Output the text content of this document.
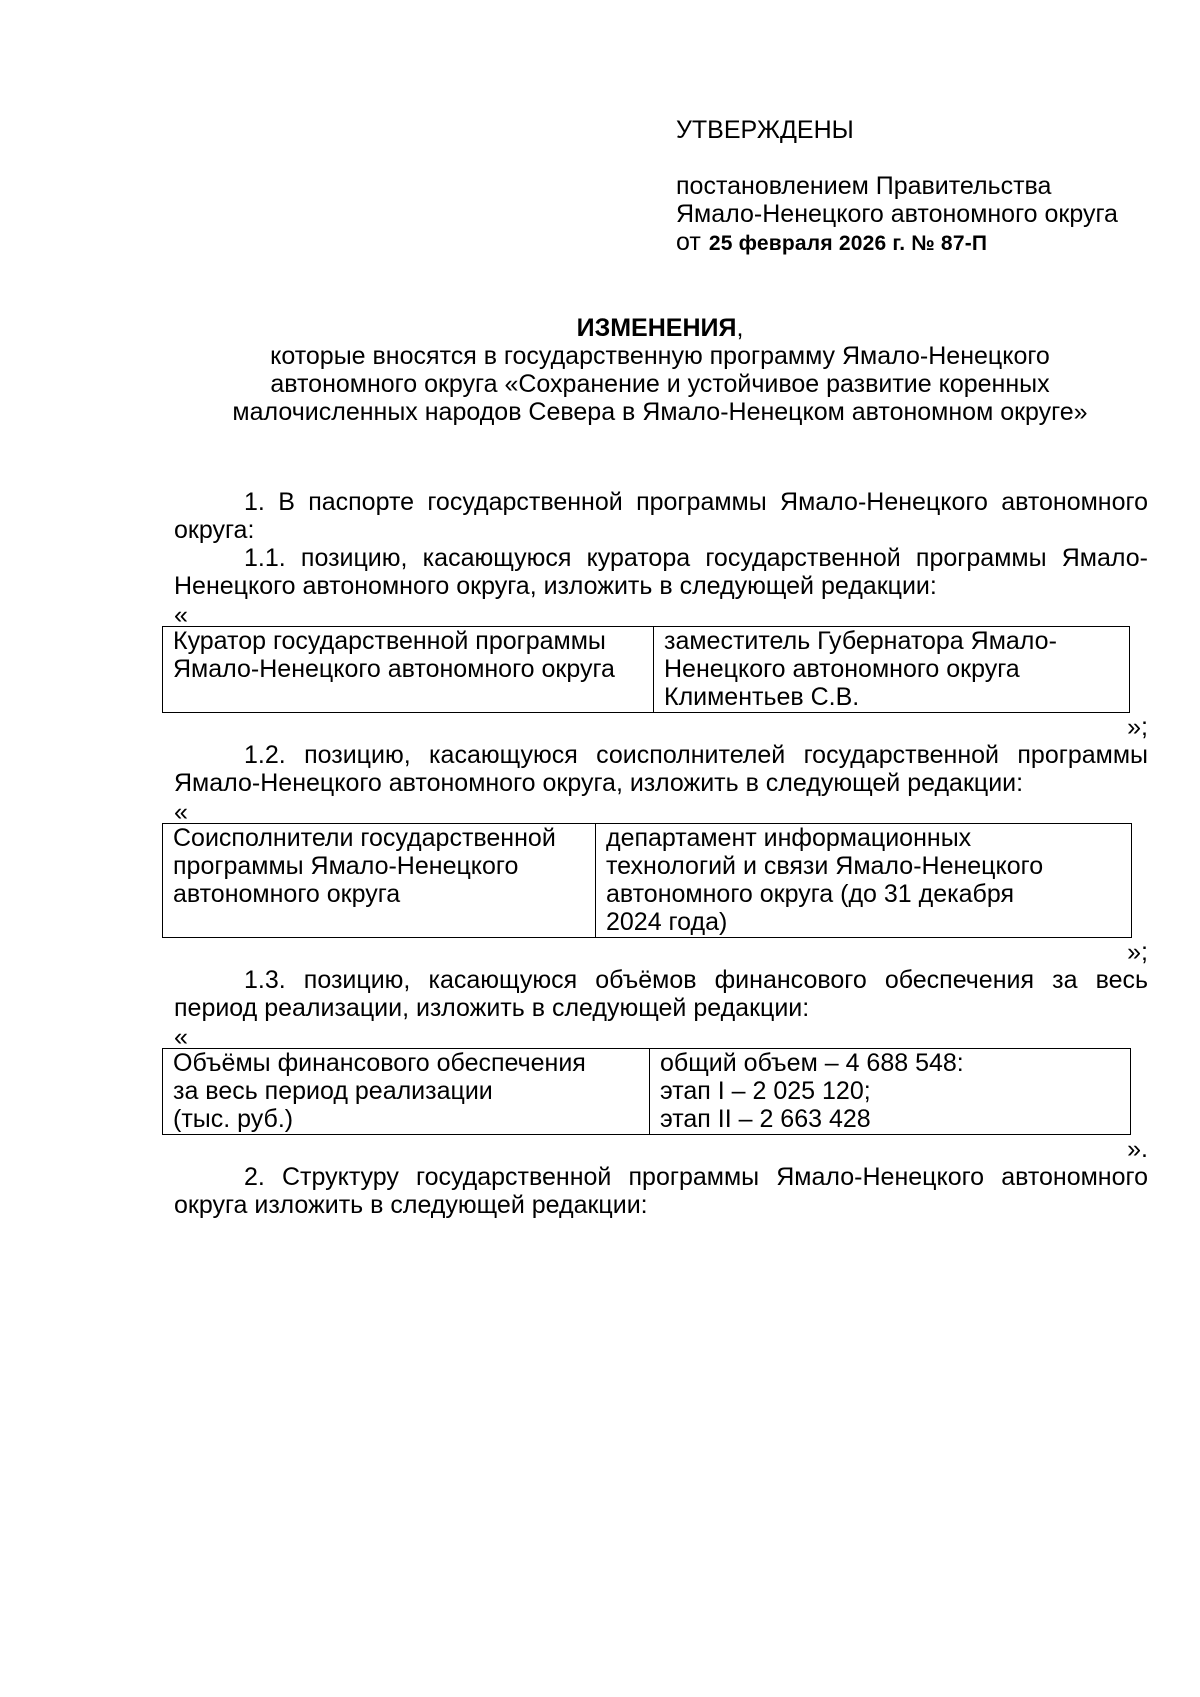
УТВЕРЖДЕНЫ
постановлением Правительства
Ямало-Ненецкого автономного округа
от 25 февраля 2026 г. № 87-П
ИЗМЕНЕНИЯ,
которые вносятся в государственную программу Ямало-Ненецкого
автономного округа «Сохранение и устойчивое развитие коренных
малочисленных народов Севера в Ямало-Ненецком автономном округе»

1. В паспорте государственной программы Ямало-Ненецкого автономного округа:

1.1. позицию, касающуюся куратора государственной программы Ямало-Ненецкого автономного округа, изложить в следующей редакции:

«
Куратор государственной программы
Ямало-Ненецкого автономного округа

заместитель Губернатора Ямало-
Ненецкого автономного округа
Климентьев С.В.
»;

1.2. позицию, касающуюся соисполнителей государственной программы Ямало-Ненецкого автономного округа, изложить в следующей редакции:

«
Соисполнители государственной
программы Ямало-Ненецкого
автономного округа

департамент информационных
технологий и связи Ямало-Ненецкого
автономного округа (до 31 декабря
2024 года)
»;

1.3. позицию, касающуюся объёмов финансового обеспечения за весь период реализации, изложить в следующей редакции:

«
Объёмы финансового обеспечения
за весь период реализации
(тыс. руб.)

общий объем – 4 688 548:
этап I – 2 025 120;
этап II – 2 663 428
».

2. Структуру государственной программы Ямало-Ненецкого автономного округа изложить в следующей редакции:
